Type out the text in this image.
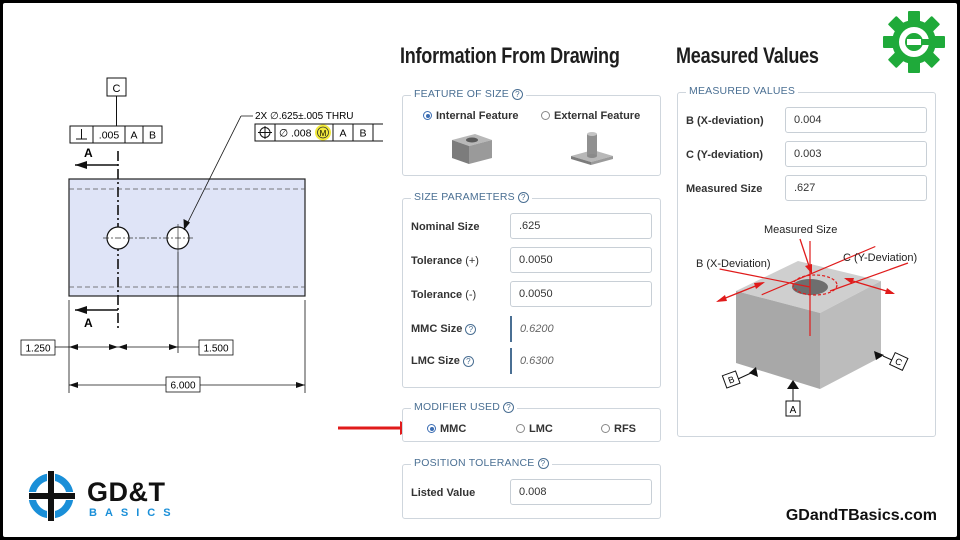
A
A
C
.005 A B
2X ∅.625±.005 THRU
∅ .008 M A B
1.250	1.500
6.000
GD&T
BASICS
Information From Drawing	Measured Values
FEATURE OF SIZE ?
Internal Feature	External Feature
SIZE PARAMETERS ?
Nominal Size	.625
Tolerance (+)	0.0050
Tolerance (-)	0.0050
MMC Size ?	0.6200
LMC Size ?	0.6300
MODIFIER USED ?
MMC	LMC	RFS
POSITION TOLERANCE ?
Listed Value	0.008
MEASURED VALUES
B (X-deviation)	0.004
C (Y-deviation)	0.003
Measured Size	.627
Measured Size
B (X-Deviation)	C (Y-Deviation)
A
B
C
GDandTBasics.com
